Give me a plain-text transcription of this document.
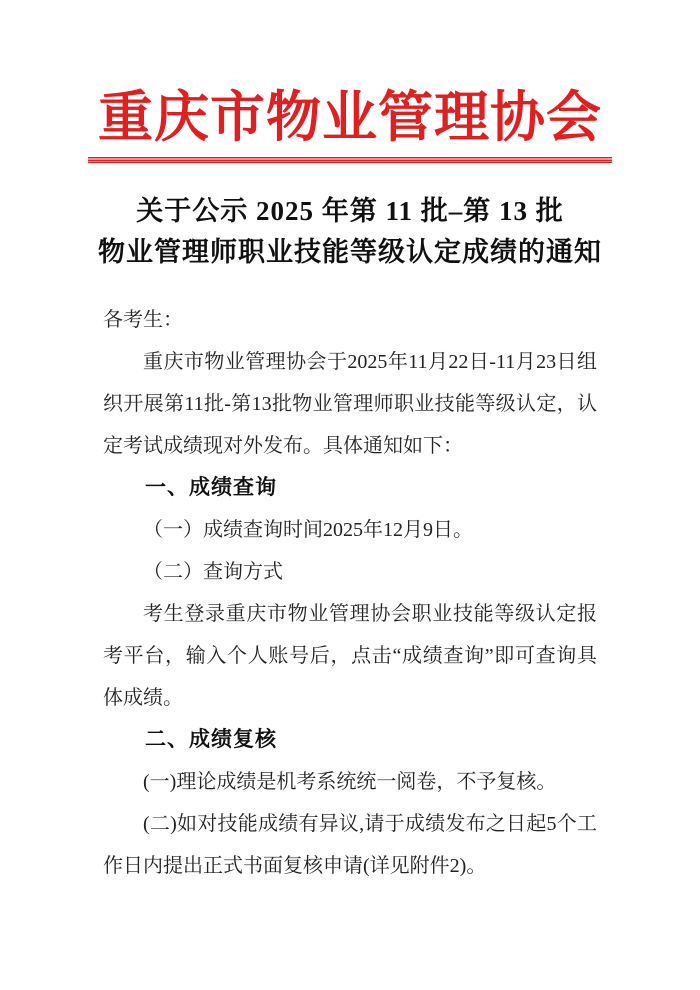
重庆市物业管理协会
关于公示 2025 年第 11 批–第 13 批
物业管理师职业技能等级认定成绩的通知

各考生：

重庆市物业管理协会于2025年11月22日-11月23日组织开展第11批-第13批物业管理师职业技能等级认定，认定考试成绩现对外发布。具体通知如下：

一、成绩查询

（一）成绩查询时间2025年12月9日。

（二）查询方式

考生登录重庆市物业管理协会职业技能等级认定报考平台，输入个人账号后，点击“成绩查询”即可查询具体成绩。

二、成绩复核

(一)理论成绩是机考系统统一阅卷，不予复核。

(二)如对技能成绩有异议,请于成绩发布之日起5个工作日内提出正式书面复核申请(详见附件2)。
